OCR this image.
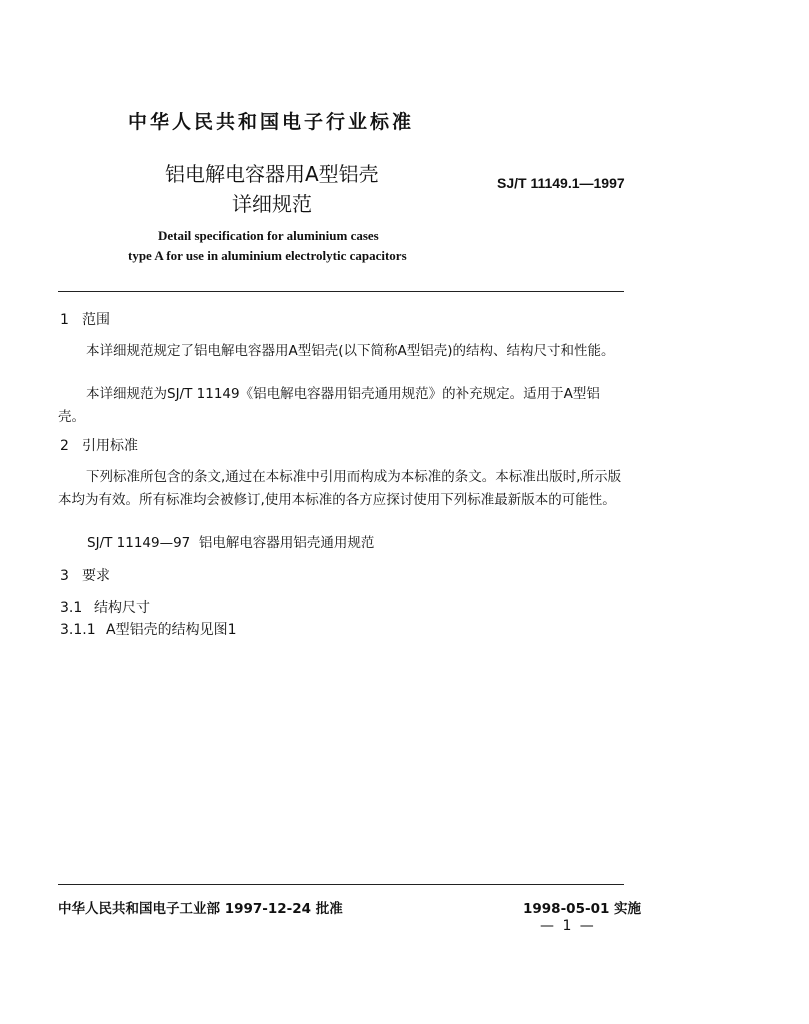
中华人民共和国电子行业标准
铝电解电容器用A型铝壳
详细规范
SJ/T 11149.1—1997
Detail specification for aluminium cases
type A for use in aluminium electrolytic capacitors
1 范围
本详细规范规定了铝电解电容器用A型铝壳(以下简称A型铝壳)的结构、结构尺寸和性能。
本详细规范为SJ/T 11149《铝电解电容器用铝壳通用规范》的补充规定。适用于A型铝壳。
2 引用标准
下列标准所包含的条文,通过在本标准中引用而构成为本标准的条文。本标准出版时,所示版本均为有效。所有标准均会被修订,使用本标准的各方应探讨使用下列标准最新版本的可能性。
SJ/T 11149—97 铝电解电容器用铝壳通用规范
3 要求
3.1 结构尺寸
3.1.1 A型铝壳的结构见图1
中华人民共和国电子工业部 1997-12-24 批准	1998-05-01 实施
— 1 —
